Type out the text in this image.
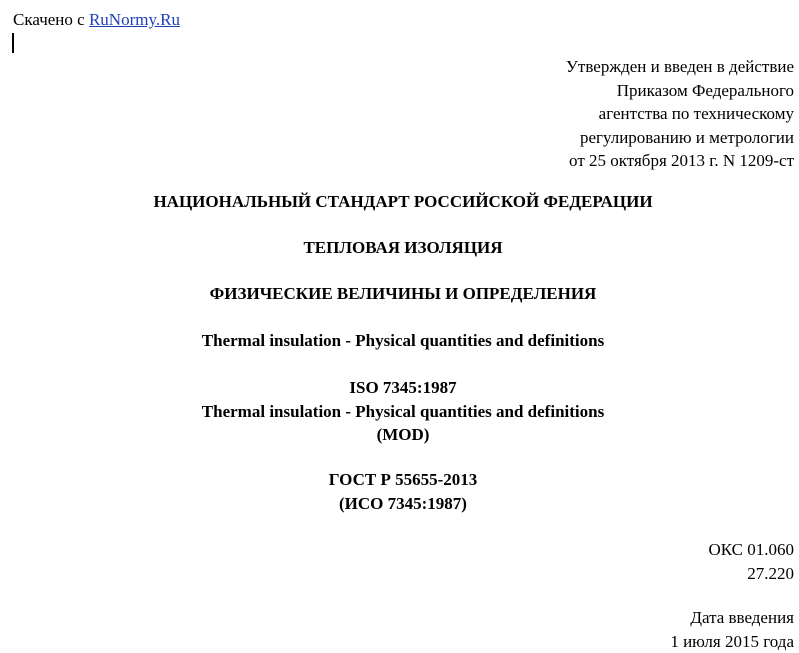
Скачено с RuNormy.Ru
Утвержден и введен в действие
Приказом Федерального
агентства по техническому
регулированию и метрологии
от 25 октября 2013 г. N 1209-ст
НАЦИОНАЛЬНЫЙ СТАНДАРТ РОССИЙСКОЙ ФЕДЕРАЦИИ
ТЕПЛОВАЯ ИЗОЛЯЦИЯ
ФИЗИЧЕСКИЕ ВЕЛИЧИНЫ И ОПРЕДЕЛЕНИЯ
Thermal insulation - Physical quantities and definitions
ISO 7345:1987
Thermal insulation - Physical quantities and definitions
(MOD)
ГОСТ Р 55655-2013
(ИСО 7345:1987)
ОКС 01.060
27.220
Дата введения
1 июля 2015 года
